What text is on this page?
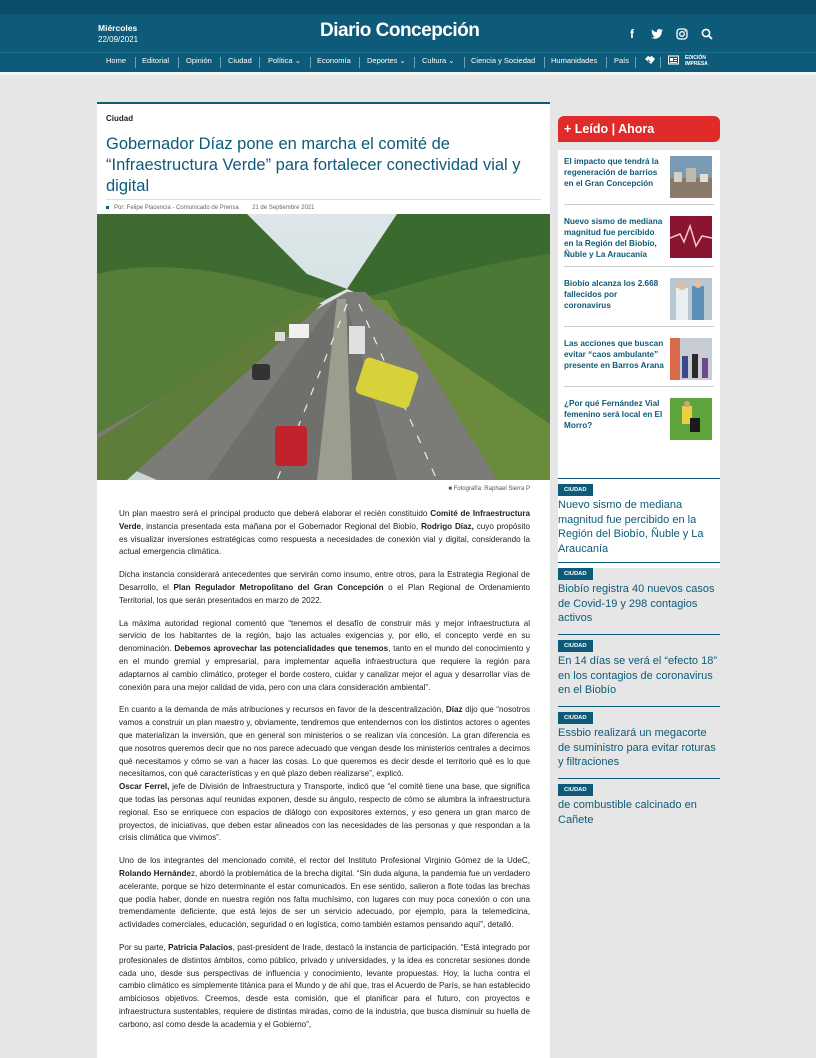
Miércoles
22/09/2021	Diario Concepción	f
Home Editorial Opinión Ciudad Política ⌄ Economía Deportes ⌄ Cultura ⌄ Ciencia y Sociedad Humanidades País	EDICIÓN IMPRESA
Ciudad
Gobernador Díaz pone en marcha el comité de “Infraestructura Verde” para fortalecer conectividad vial y digital
Por: Felipe Placencia - Comunicado de Prensa 21 de Septiembre 2021
■ Fotografía: Raphael Sierra P

Un plan maestro será el principal producto que deberá elaborar el recién constituido Comité de Infraestructura Verde, instancia presentada esta mañana por el Gobernador Regional del Biobío, Rodrigo Díaz, cuyo propósito es visualizar inversiones estratégicas como respuesta a necesidades de conexión vial y digital, considerando la actual emergencia climática.

Dicha instancia considerará antecedentes que servirán como insumo, entre otros, para la Estrategia Regional de Desarrollo, el Plan Regulador Metropolitano del Gran Concepción o el Plan Regional de Ordenamiento Territorial, los que serán presentados en marzo de 2022.

La máxima autoridad regional comentó que “tenemos el desafío de construir más y mejor infraestructura al servicio de los habitantes de la región, bajo las actuales exigencias y, por ello, el concepto verde en su denominación. Debemos aprovechar las potencialidades que tenemos, tanto en el mundo del conocimiento y en el mundo gremial y empresarial, para implementar aquella infraestructura que requiere la región para adaptarnos al cambio climático, proteger el borde costero, cuidar y canalizar mejor el agua y desarrollar vías de conexión para una mejor calidad de vida, pero con una clara consideración ambiental”.

En cuanto a la demanda de más atribuciones y recursos en favor de la descentralización, Díaz dijo que “nosotros vamos a construir un plan maestro y, obviamente, tendremos que entendernos con los distintos actores o agentes que materializan la inversión, que en general son ministerios o se realizan vía concesión. La gran diferencia es que nosotros queremos decir que no nos parece adecuado que vengan desde los ministerios centrales a decirnos qué necesitamos y cómo se van a hacer las cosas. Lo que queremos es decir desde el territorio qué es lo que necesitamos, con qué características y en qué plazo deben realizarse”, explicó.

Oscar Ferrel, jefe de División de Infraestructura y Transporte, indicó que “el comité tiene una base, que significa que todas las personas aquí reunidas exponen, desde su ángulo, respecto de cómo se alumbra la infraestructura regional. Eso se enriquece con espacios de diálogo con expositores externos, y eso genera un gran marco de proyectos, de iniciativas, que deben estar alineados con las necesidades de las personas y que respondan a la crisis climática que vivimos”.

Uno de los integrantes del mencionado comité, el rector del Instituto Profesional Virginio Gómez de la UdeC, Rolando Hernández, abordó la problemática de la brecha digital. “Sin duda alguna, la pandemia fue un verdadero acelerante, porque se hizo determinante el estar comunicados. En ese sentido, salieron a flote todas las brechas que podía haber, donde en nuestra región nos falta muchísimo, con lugares con muy poca conexión o con una tremendamente deficiente, que está lejos de ser un servicio adecuado, por ejemplo, para la telemedicina, actividades comerciales, educación, seguridad o en logística, como también estamos pensando aquí”, detalló.

Por su parte, Patricia Palacios, past-president de Irade, destacó la instancia de participación. “Está integrado por profesionales de distintos ámbitos, como público, privado y universidades, y la idea es concretar sesiones donde cada uno, desde sus perspectivas de influencia y conocimiento, levante propuestas. Hoy, la lucha contra el cambio climático es simplemente titánica para el Mundo y de ahí que, tras el Acuerdo de París, se han establecido ambiciosos objetivos. Creemos, desde esta comisión, que el planificar para el futuro, con proyectos e infraestructura sustentables, requiere de distintas miradas, como de la industria, que busca disminuir su huella de carbono, así como desde la academia y el Gobierno”,

+ Leído | Ahora
El impacto que tendrá la regeneración de barrios en el Gran Concepción
Nuevo sismo de mediana magnitud fue percibido en la Región del Biobío, Ñuble y La Araucanía
Biobío alcanza los 2.668 fallecidos por coronavirus
Las acciones que buscan evitar “caos ambulante” presente en Barros Arana
¿Por qué Fernández Vial femenino será local en El Morro?
CIUDAD
Nuevo sismo de mediana magnitud fue percibido en la Región del Biobío, Ñuble y La Araucanía
CIUDAD
Biobío registra 40 nuevos casos de Covid-19 y 298 contagios activos
CIUDAD
En 14 días se verá el “efecto 18” en los contagios de coronavirus en el Biobío
CIUDAD
Essbio realizará un megacorte de suministro para evitar roturas y filtraciones
CIUDAD
de combustible calcinado en Cañete
